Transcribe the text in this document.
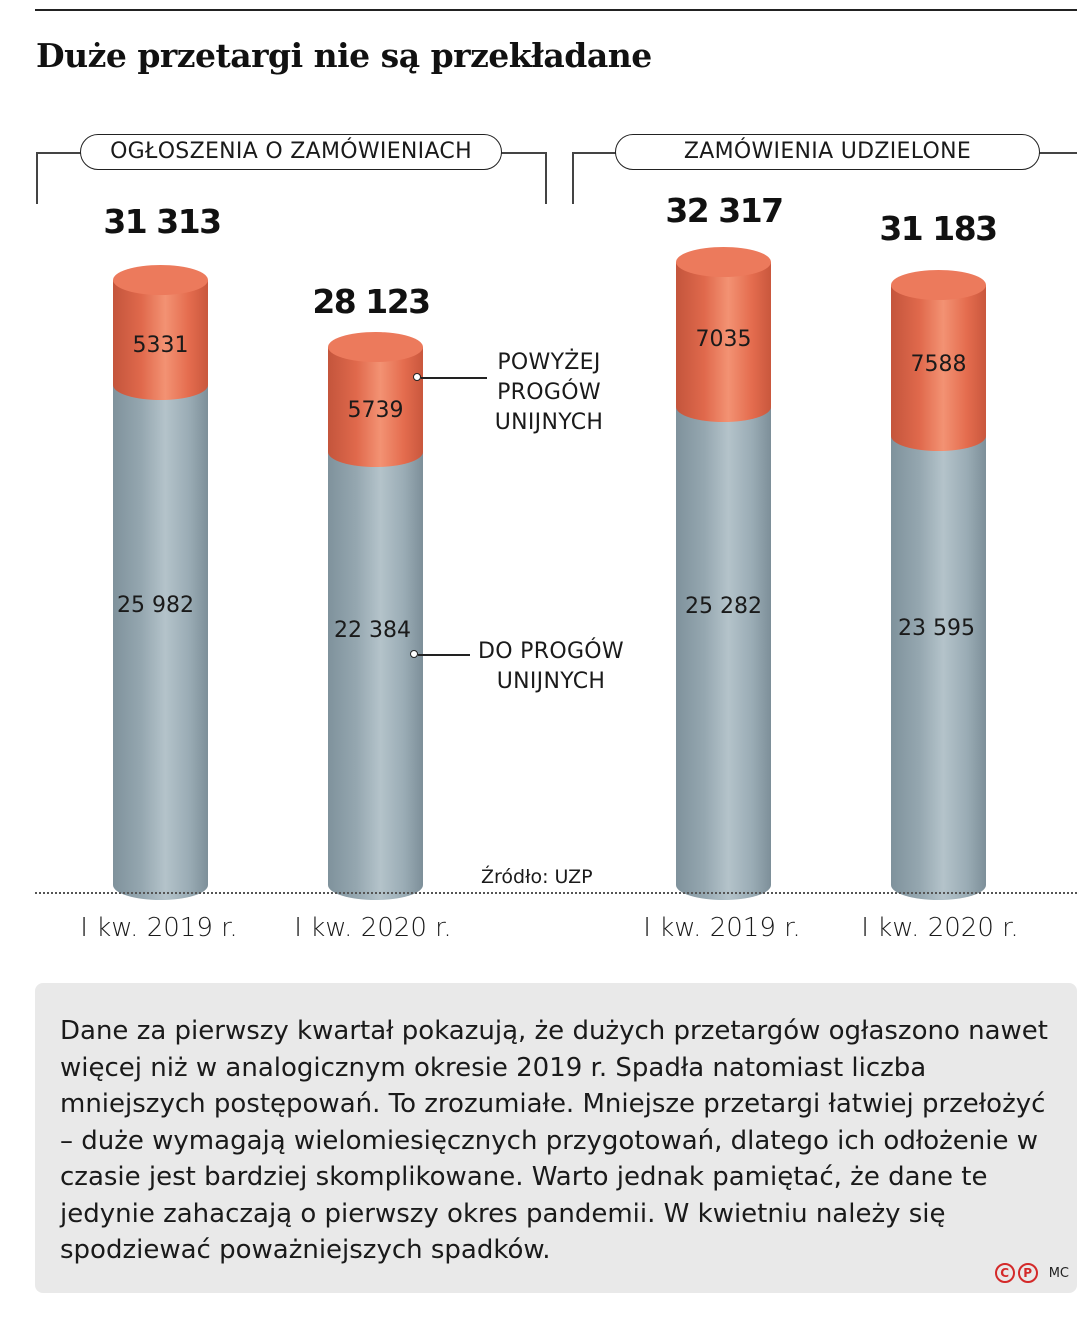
Duże przetargi nie są przekładane
OGŁOSZENIA O ZAMÓWIENIACH	ZAMÓWIENIA UDZIELONE
31 313
5331
25 982
28 123
5739
22 384
POWYŻEJ
PROGÓW
UNIJNYCH
DO PROGÓW
UNIJNYCH
32 317
7035
25 282
31 183
7588
23 595
Źródło: UZP
I kw. 2019 r.	I kw. 2020 r.	I kw. 2019 r.	I kw. 2020 r.

Dane za pierwszy kwartał pokazują, że dużych przetargów ogłaszono nawet więcej niż w analogicznym okresie 2019 r. Spadła natomiast liczba mniejszych postępowań. To zrozumiałe. Mniejsze przetargi łatwiej przełożyć – duże wymagają wielomiesięcznych przygotowań, dlatego ich odłożenie w czasie jest bardziej skomplikowane. Warto jednak pamiętać, że dane te jedynie zahaczają o pierwszy okres pandemii. W kwietniu należy się spodziewać poważniejszych spadków.

C	P	MC
